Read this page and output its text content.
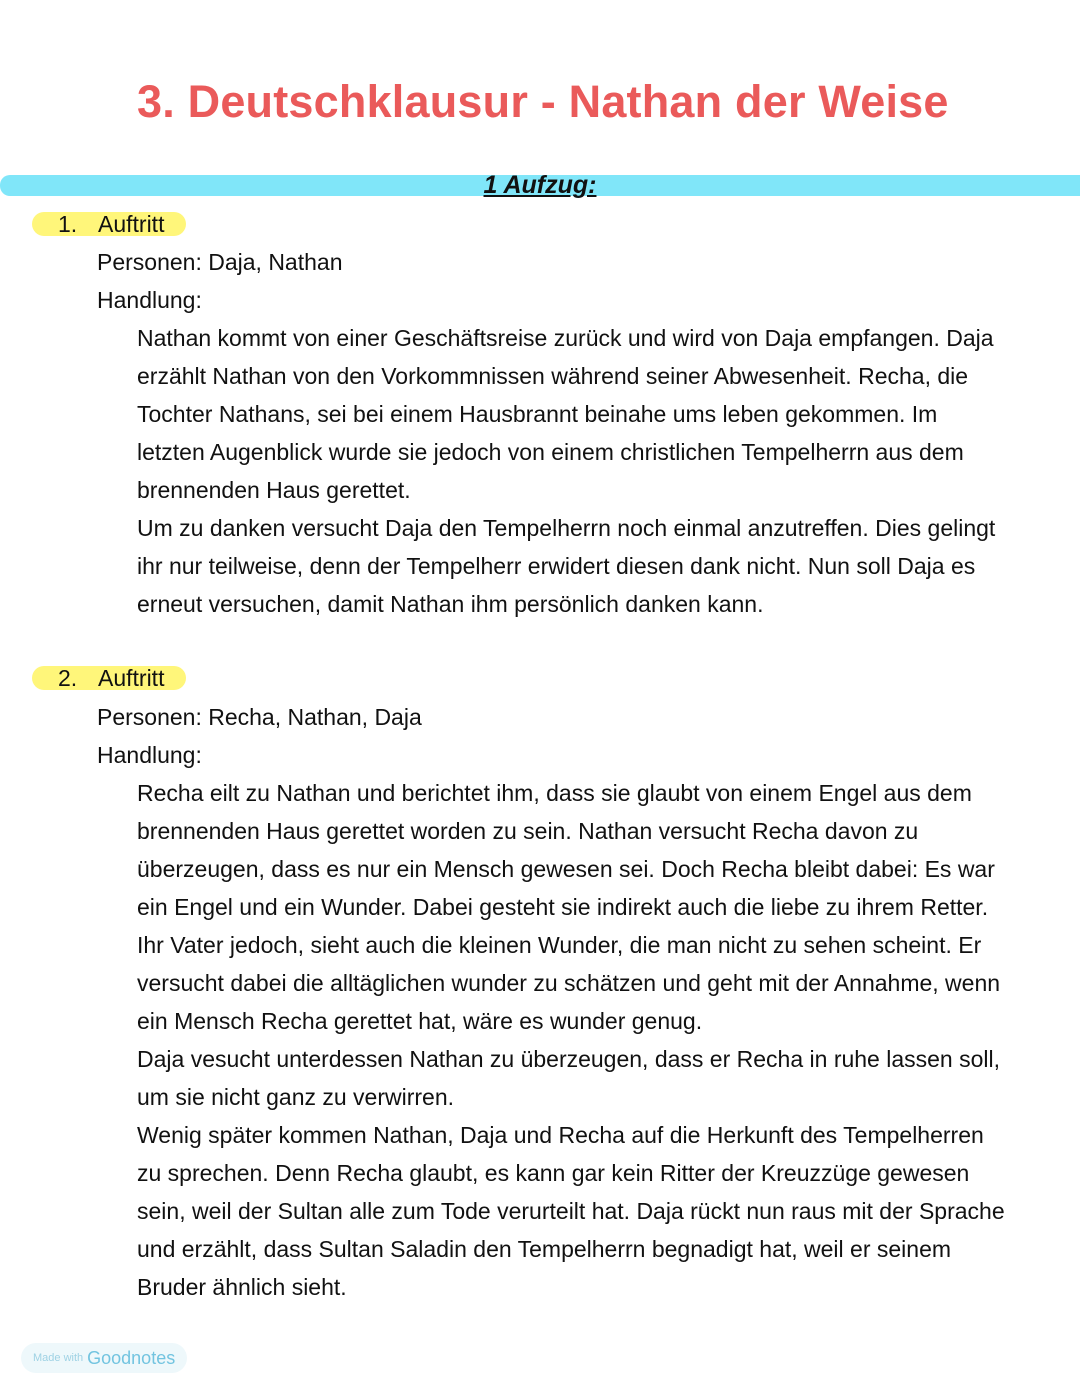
3. Deutschklausur - Nathan der Weise
1 Aufzug:
1. Auftritt
Personen: Daja, Nathan
Handlung:

Nathan kommt von einer Geschäftsreise zurück und wird von Daja empfangen. Daja

erzählt Nathan von den Vorkommnissen während seiner Abwesenheit. Recha, die

Tochter Nathans, sei bei einem Hausbrannt beinahe ums leben gekommen. Im

letzten Augenblick wurde sie jedoch von einem christlichen Tempelherrn aus dem

brennenden Haus gerettet.

Um zu danken versucht Daja den Tempelherrn noch einmal anzutreffen. Dies gelingt

ihr nur teilweise, denn der Tempelherr erwidert diesen dank nicht. Nun soll Daja es

erneut versuchen, damit Nathan ihm persönlich danken kann.

2. Auftritt
Personen: Recha, Nathan, Daja
Handlung:

Recha eilt zu Nathan und berichtet ihm, dass sie glaubt von einem Engel aus dem

brennenden Haus gerettet worden zu sein. Nathan versucht Recha davon zu

überzeugen, dass es nur ein Mensch gewesen sei. Doch Recha bleibt dabei: Es war

ein Engel und ein Wunder. Dabei gesteht sie indirekt auch die liebe zu ihrem Retter.

Ihr Vater jedoch, sieht auch die kleinen Wunder, die man nicht zu sehen scheint. Er

versucht dabei die alltäglichen wunder zu schätzen und geht mit der Annahme, wenn

ein Mensch Recha gerettet hat, wäre es wunder genug.

Daja vesucht unterdessen Nathan zu überzeugen, dass er Recha in ruhe lassen soll,

um sie nicht ganz zu verwirren.

Wenig später kommen Nathan, Daja und Recha auf die Herkunft des Tempelherren

zu sprechen. Denn Recha glaubt, es kann gar kein Ritter der Kreuzzüge gewesen

sein, weil der Sultan alle zum Tode verurteilt hat. Daja rückt nun raus mit der Sprache

und erzählt, dass Sultan Saladin den Tempelherrn begnadigt hat, weil er seinem

Bruder ähnlich sieht.

Made with Goodnotes
